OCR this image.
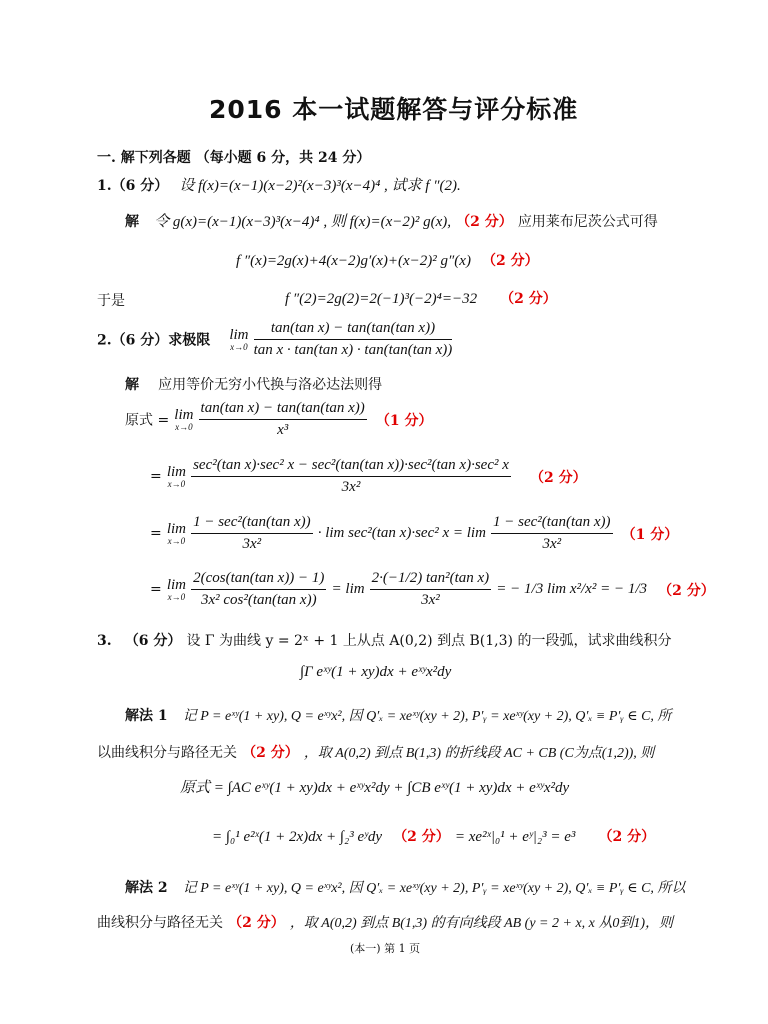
2016 本一试题解答与评分标准
一. 解下列各题 （每小题 6 分，共 24 分）
1.（6 分） 设 f(x)=(x−1)(x−2)²(x−3)³(x−4)⁴ , 试求 f ″(2).
解 令 g(x)=(x−1)(x−3)³(x−4)⁴ , 则 f(x)=(x−2)² g(x), （2 分） 应用莱布尼茨公式可得
f ″(x)=2g(x)+4(x−2)g′(x)+(x−2)² g″(x) （2 分）
于是	f ″(2)=2g(2)=2(−1)³(−2)⁴=−32 （2 分）
2.（6 分）求极限 lim
x→0
$\frac{\text{tan(tan x) − tan(tan(tan x))}}{\text{tan x · tan(tan x) · tan(tan(tan x))}}$
解 应用等价无穷小代换与洛必达法则得
原式 = lim
x→0
$\frac{\text{tan(tan x) − tan(tan(tan x))}}{\text{x³}} (1$ 分）
= lim
x→0
$\frac{\text{sec²(tan x)·sec² x − sec²(tan(tan x))·sec²(tan x)·sec² x}}{\text{3x²}} (2$ 分）
= lim
x→0
$\frac{\text{1 − sec²(tan(tan x))}}{\text{3x²}} \cdot \lim \sec^2(\tan$ x)·sec² $x = \lim \frac{\text{1 − sec²(tan(tan x))}}{\text{3x²}} (1$ 分）
= lim
x→0
$\frac{\text{2(cos(tan(tan x)) − 1)}}{\text{3x² cos²(tan(tan x))}} = \lim \frac{\text{2·(−1/2) tan²(tan x)}}{\text{3x²}}$ = − 1/3 lim x²/x² = − 1/3 （2 分）
3. （6 分） 设 Γ 为曲线 y = 2ˣ + 1 上从点 A(0,2) 到点 B(1,3) 的一段弧，试求曲线积分
∫Γ eˣʸ(1 + xy)dx + eˣʸx²dy
解法 1 记 P = eˣʸ(1 + xy), Q = eˣʸx², 因 Q′ₓ = xeˣʸ(xy + 2), P′ᵧ = xeˣʸ(xy + 2), Q′ₓ ≡ P′ᵧ ∈ C, 所
以曲线积分与路径无关 （2 分） ，取 A(0,2) 到点 B(1,3) 的折线段 AC + CB (C为点(1,2)), 则
原式 = ∫AC eˣʸ(1 + xy)dx + eˣʸx²dy + ∫CB eˣʸ(1 + xy)dx + eˣʸx²dy
= ∫₀¹ e²ˣ(1 + 2x)dx + ∫₂³ eʸdy （2 分） = xe²ˣ|₀¹ + eʸ|₂³ = e³ （2 分）
解法 2 记 P = eˣʸ(1 + xy), Q = eˣʸx², 因 Q′ₓ = xeˣʸ(xy + 2), P′ᵧ = xeˣʸ(xy + 2), Q′ₓ ≡ P′ᵧ ∈ C, 所以
曲线积分与路径无关 （2 分） ，取 A(0,2) 到点 B(1,3) 的有向线段 AB (y = 2 + x, x 从0到1)，则
(本一) 第 1 页
